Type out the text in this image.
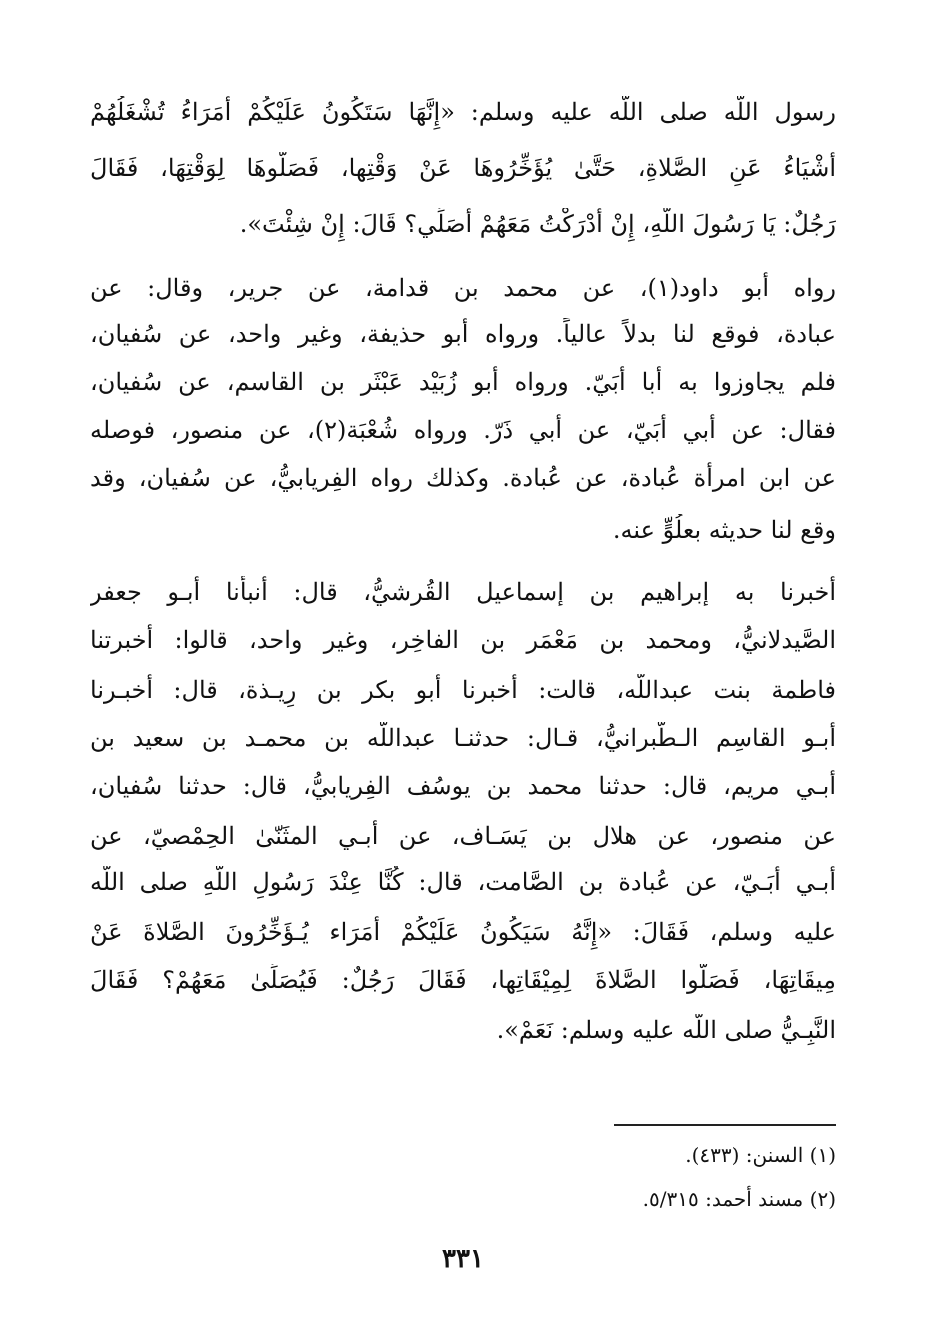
رسول اللّه صلى اللّه عليه وسلم: «إِنَّهَا سَتَكُونُ عَلَيْكُمْ أُمَرَاءُ تُشْغَلُهُمْ
أَشْيَاءُ عَنِ الصَّلاةِ، حَتَّىٰ يُؤَخِّرُوهَا عَنْ وَقْتِها، فَصَلُّوهَا لِوَقْتِهَا، فَقَالَ
رَجُلٌ: يَا رَسُولَ اللّهِ، إِنْ أَدْرَكْتُ مَعَهُمْ أُصَلِّي؟ قَالَ: إِنْ شِئْتَ».
رواه أبو داود(١)، عن محمد بن قدامة، عن جرير، وقال: عن
عبادة، فوقع لنا بدلاً عالياً. ورواه أبو حذيفة، وغير واحد، عن سُفيان،
فلم يجاوزوا به أبا أُبَيّ. ورواه أبو زُبَيْد عَبْثَر بن القاسم، عن سُفيان،
فقال: عن أَبي أُبَيّ، عن أبي ذَرّ. ورواه شُعْبَة(٢)، عن منصور، فوصله
عن ابن امرأة عُبادة، عن عُبادة. وكذلك رواه الفِريابيُّ، عن سُفيان، وقد
وقع لنا حديثه بعلُوٍّ عنه.
أخبرنا به إبراهيم بن إسماعيل القُرشيُّ، قال: أنبأنا أبـو جعفر
الصَّيدلانيُّ، ومحمد بن مَعْمَر بن الفاخِر، وغير واحد، قالوا: أخبرتنا
فاطمة بنت عبداللّه، قالت: أخبرنا أبو بكر بن رِيـذة، قال: أخبـرنا
أبـو القاسِم الـطَّبرانيُّ، قـال: حدثنـا عبداللّه بن محمـد بن سعيد بن
أبـي مريم، قال: حدثنا محمد بن يوسُف الفِريابيُّ، قال: حدثنا سُفيان،
عن منصور، عن هلال بن يَسَـاف، عن أبـي المثَنّىٰ الحِمْصيّ، عن
أبـي أُبَـيّ، عن عُبادة بن الصَّامت، قال: كُنَّا عِنْدَ رَسُولِ اللّهِ صلى اللّه
عليه وسلم، فَقَالَ: «إِنَّهُ سَيَكُونُ عَلَيْكُمْ أُمَرَاء يُـؤَخِّرُونَ الصَّلاةَ عَنْ
مِيقَاتِهَا، فَصَلُّوا الصَّلاةَ لِمِيْقَاتِها، فَقَالَ رَجُلٌ: فَيُصَلِّىٰ مَعَهُمْ؟ فَقَالَ
النَّبِـيُّ صلى اللّه عليه وسلم: نَعَمْ».
(١) السنن: (٤٣٣).
(٢) مسند أحمد: ٥/٣١٥.
٣٣١
